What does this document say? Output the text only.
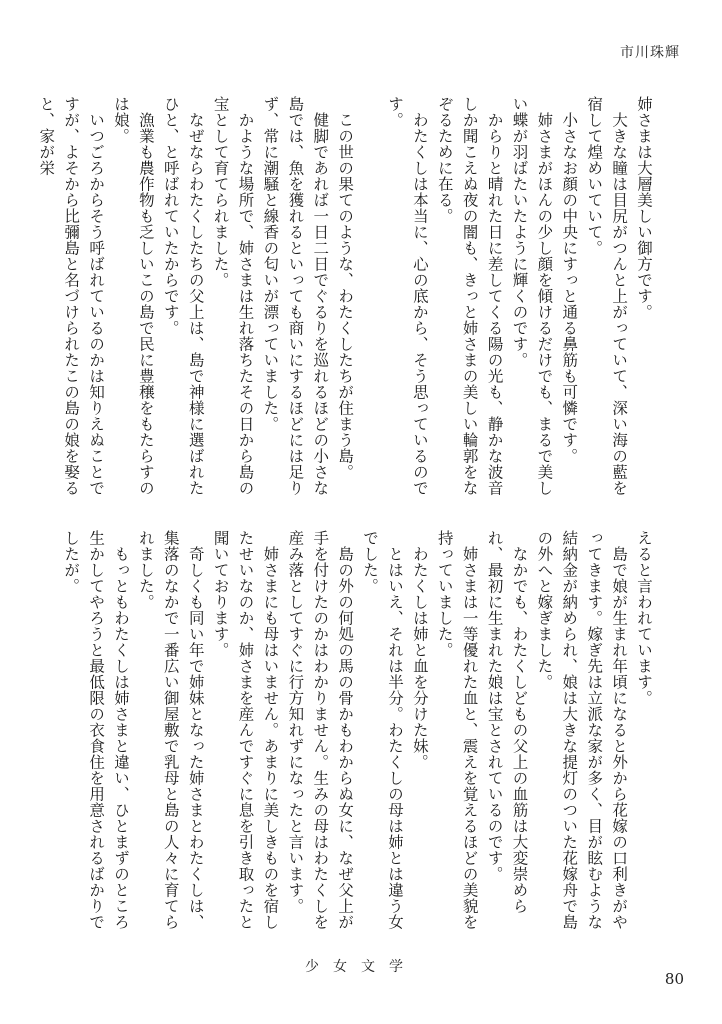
市川珠輝

姉さまは大層美しい御方です。

大きな瞳は目尻がつんと上がっていて、深い海の藍を宿して煌めいていて。

小さなお顔の中央にすっと通る鼻筋も可憐です。

姉さまがほんの少し顔を傾けるだけでも、まるで美しい蝶が羽ばたいたように輝くのです。

からりと晴れた日に差してくる陽の光も、静かな波音しか聞こえぬ夜の闇も、きっと姉さまの美しい輪郭をなぞるために在る。

わたくしは本当に、心の底から、そう思っているのです。

この世の果てのような、わたくしたちが住まう島。

健脚であれば一日二日でぐるりを巡れるほどの小さな島では、魚を獲れるといっても商いにするほどには足りず、常に潮騒と線香の匂いが漂っていました。

かような場所で、姉さまは生れ落ちたその日から島の宝として育てられました。

なぜならわたくしたちの父上は、島で神様に選ばれたひと、と呼ばれていたからです。

漁業も農作物も乏しいこの島で民に豊穣をもたらすのは娘。

いつごろからそう呼ばれているのかは知りえぬことですが、よそから比彌島と名づけられたこの島の娘を娶ると、家が栄

えると言われています。

島で娘が生まれ年頃になると外から花嫁の口利きがやってきます。嫁ぎ先は立派な家が多く、目が眩むような結納金が納められ、娘は大きな提灯のついた花嫁舟で島の外へと嫁ぎました。

なかでも、わたくしどもの父上の血筋は大変崇められ、最初に生まれた娘は宝とされているのです。

姉さまは一等優れた血と、震えを覚えるほどの美貌を持っていました。

わたくしは姉と血を分けた妹。

とはいえ、それは半分。わたくしの母は姉とは違う女でした。

島の外の何処の馬の骨かもわからぬ女に、なぜ父上が手を付けたのかはわかりません。生みの母はわたくしを産み落としてすぐに行方知れずになったと言います。

姉さまにも母はいません。あまりに美しきものを宿したせいなのか、姉さまを産んですぐに息を引き取ったと聞いております。

奇しくも同い年で姉妹となった姉さまとわたくしは、集落のなかで一番広い御屋敷で乳母と島の人々に育てられました。

もっともわたくしは姉さまと違い、ひとまずのところ生かしてやろうと最低限の衣食住を用意されるばかりでしたが。

少女文学
80
